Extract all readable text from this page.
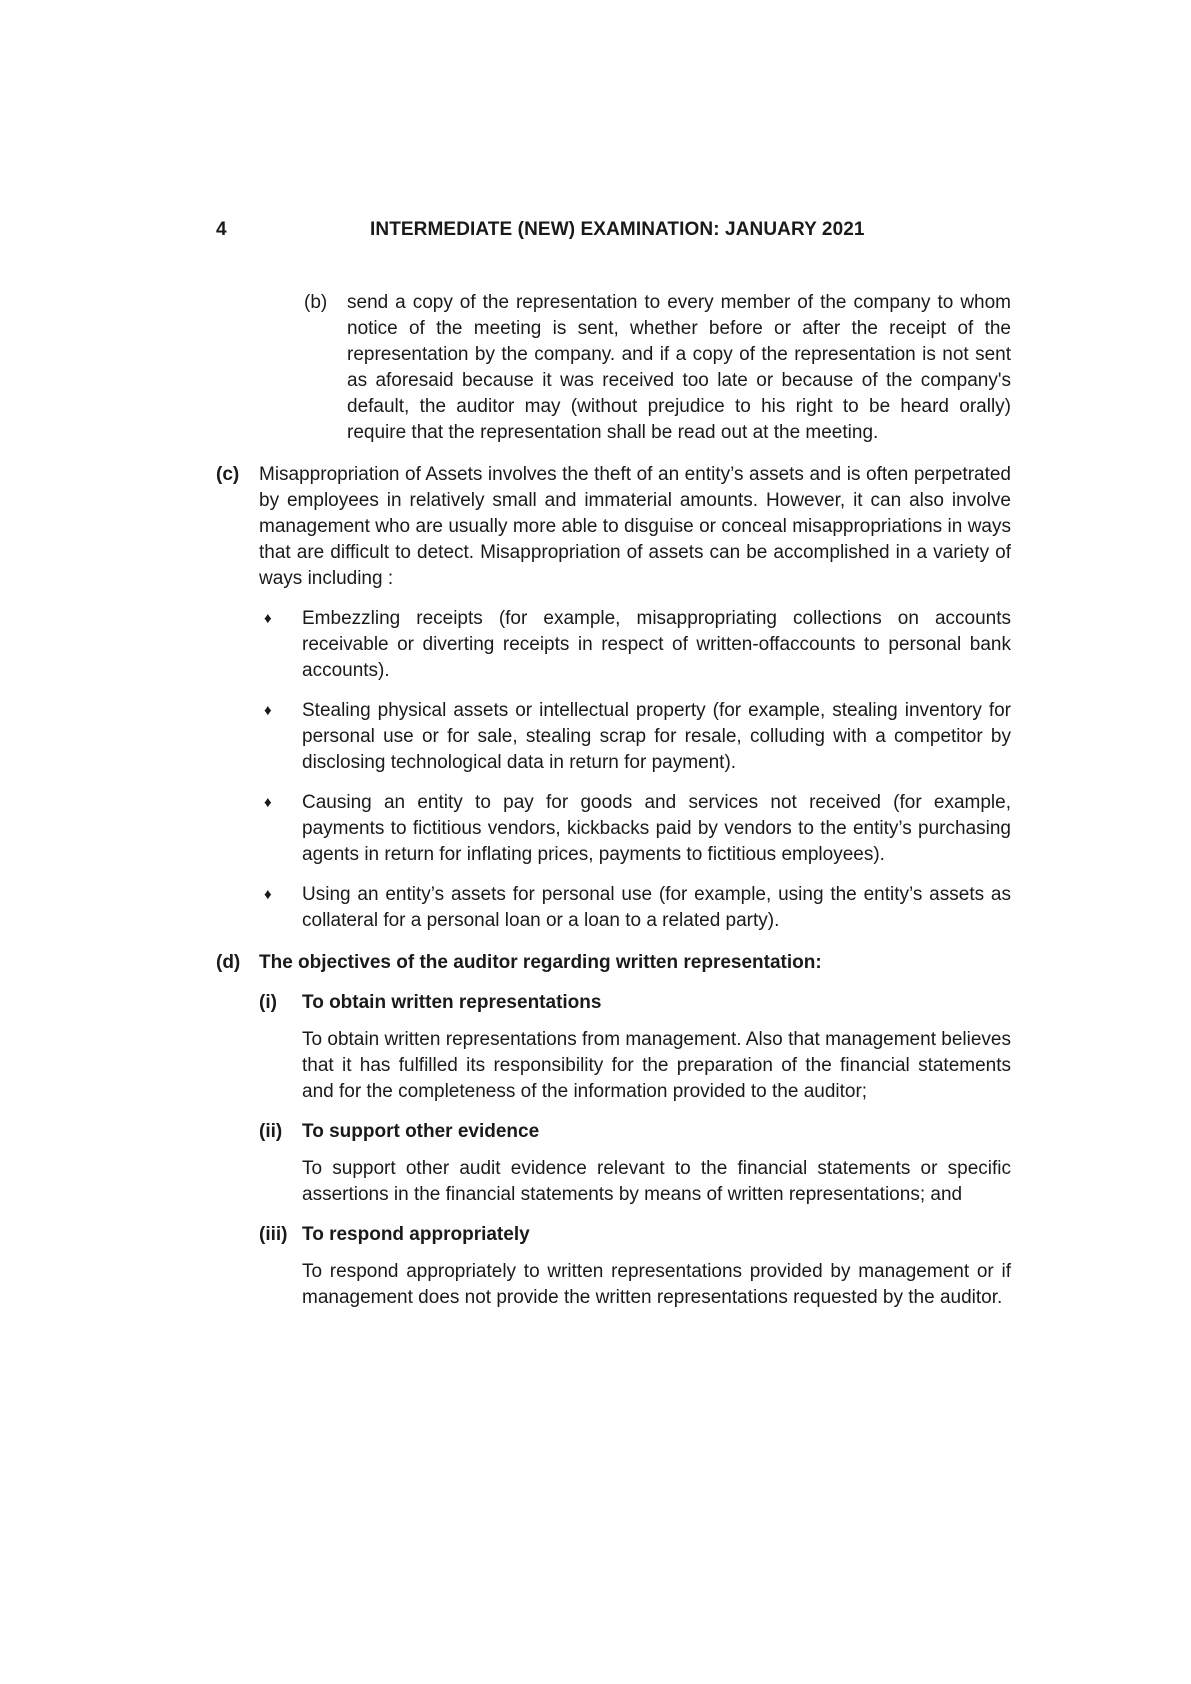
4	INTERMEDIATE (NEW) EXAMINATION: JANUARY 2021
(b)	send a copy of the representation to every member of the company to whom notice of the meeting is sent, whether before or after the receipt of the representation by the company. and if a copy of the representation is not sent as aforesaid because it was received too late or because of the company's default, the auditor may (without prejudice to his right to be heard orally) require that the representation shall be read out at the meeting.
(c)	Misappropriation of Assets involves the theft of an entity’s assets and is often perpetrated by employees in relatively small and immaterial amounts. However, it can also involve management who are usually more able to disguise or conceal misappropriations in ways that are difficult to detect. Misappropriation of assets can be accomplished in a variety of ways including :
♦	Embezzling receipts (for example, misappropriating collections on accounts receivable or diverting receipts in respect of written-offaccounts to personal bank accounts).
♦	Stealing physical assets or intellectual property (for example, stealing inventory for personal use or for sale, stealing scrap for resale, colluding with a competitor by disclosing technological data in return for payment).
♦	Causing an entity to pay for goods and services not received (for example, payments to fictitious vendors, kickbacks paid by vendors to the entity’s purchasing agents in return for inflating prices, payments to fictitious employees).
♦	Using an entity’s assets for personal use (for example, using the entity’s assets as collateral for a personal loan or a loan to a related party).
(d) The objectives of the auditor regarding written representation:
(i)	To obtain written representations
To obtain written representations from management. Also that management believes that it has fulfilled its responsibility for the preparation of the financial statements and for the completeness of the information provided to the auditor;
(ii)	To support other evidence
To support other audit evidence relevant to the financial statements or specific assertions in the financial statements by means of written representations; and
(iii) To respond appropriately
To respond appropriately to written representations provided by management or if management does not provide the written representations requested by the auditor.
